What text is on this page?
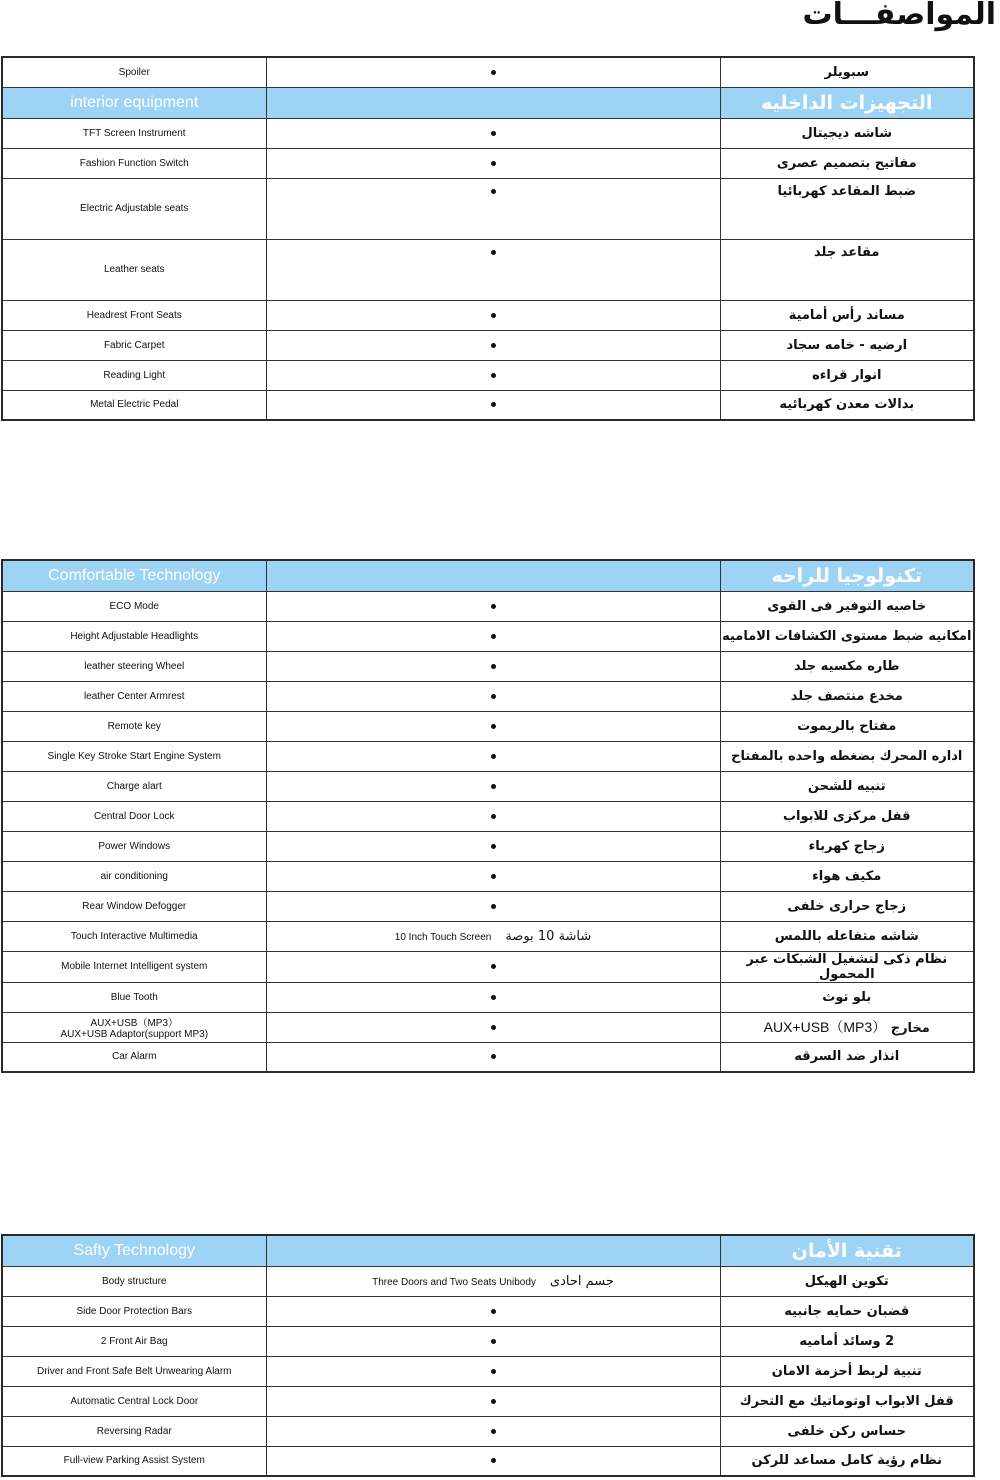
المواصفـــات
Spoiler		سبويلر
interior equipment		التجهيزات الداخليه
TFT Screen Instrument		شاشه ديجيتال
Fashion Function Switch		مفاتيح بتصميم عصرى
Electric Adjustable seats		ضبط المقاعد كهربائيا
Leather seats		مقاعد جلد
Headrest Front Seats		مساند رأس أمامية
Fabric Carpet		ارضيه - خامه سجاد
Reading Light		انوار قراءه
Metal Electric Pedal		بدالات معدن كهربائيه
Comfortable Technology		تكنولوجيا للراحه
ECO Mode		خاصيه التوفير فى القوى
Height Adjustable Headlights		امكانيه ضبط مستوى الكشافات الاماميه
leather steering Wheel		طاره مكسيه جلد
leather Center Armrest		مخدع منتصف جلد
Remote key		مفتاح بالريموت
Single Key Stroke Start Engine System		اداره المحرك بضغطه واحده بالمفتاح
Charge alart		تنبيه للشحن
Central Door Lock		قفل مركزى للابواب
Power Windows		زجاج كهرباء
air conditioning		مكيف هواء
Rear Window Defogger		زجاج حرارى خلفى
Touch Interactive Multimedia	10 Inch Touch Screen شاشة 10 بوصة	شاشه متفاعله باللمس
Mobile Internet Intelligent system		نظام ذكى لتشغيل الشبكات عبر المحمول
Blue Tooth		بلو توث
AUX+USB（MP3）
AUX+USB Adaptor(support MP3)		مخارج AUX+USB（MP3）
Car Alarm		انذار ضد السرقه
Safty Technology		تقنية الأمان
Body structure	Three Doors and Two Seats Unibody جسم احادى	تكوين الهيكل
Side Door Protection Bars		قضبان حمايه جانبيه
2 Front Air Bag		2 وسائد أماميه
Driver and Front Safe Belt Unwearing Alarm		تنبية لربط أحزمة الامان
Automatic Central Lock Door		قفل الابواب اوتوماتيك مع التحرك
Reversing Radar		حساس ركن خلفى
Full-view Parking Assist System		نظام رؤية كامل مساعد للركن
